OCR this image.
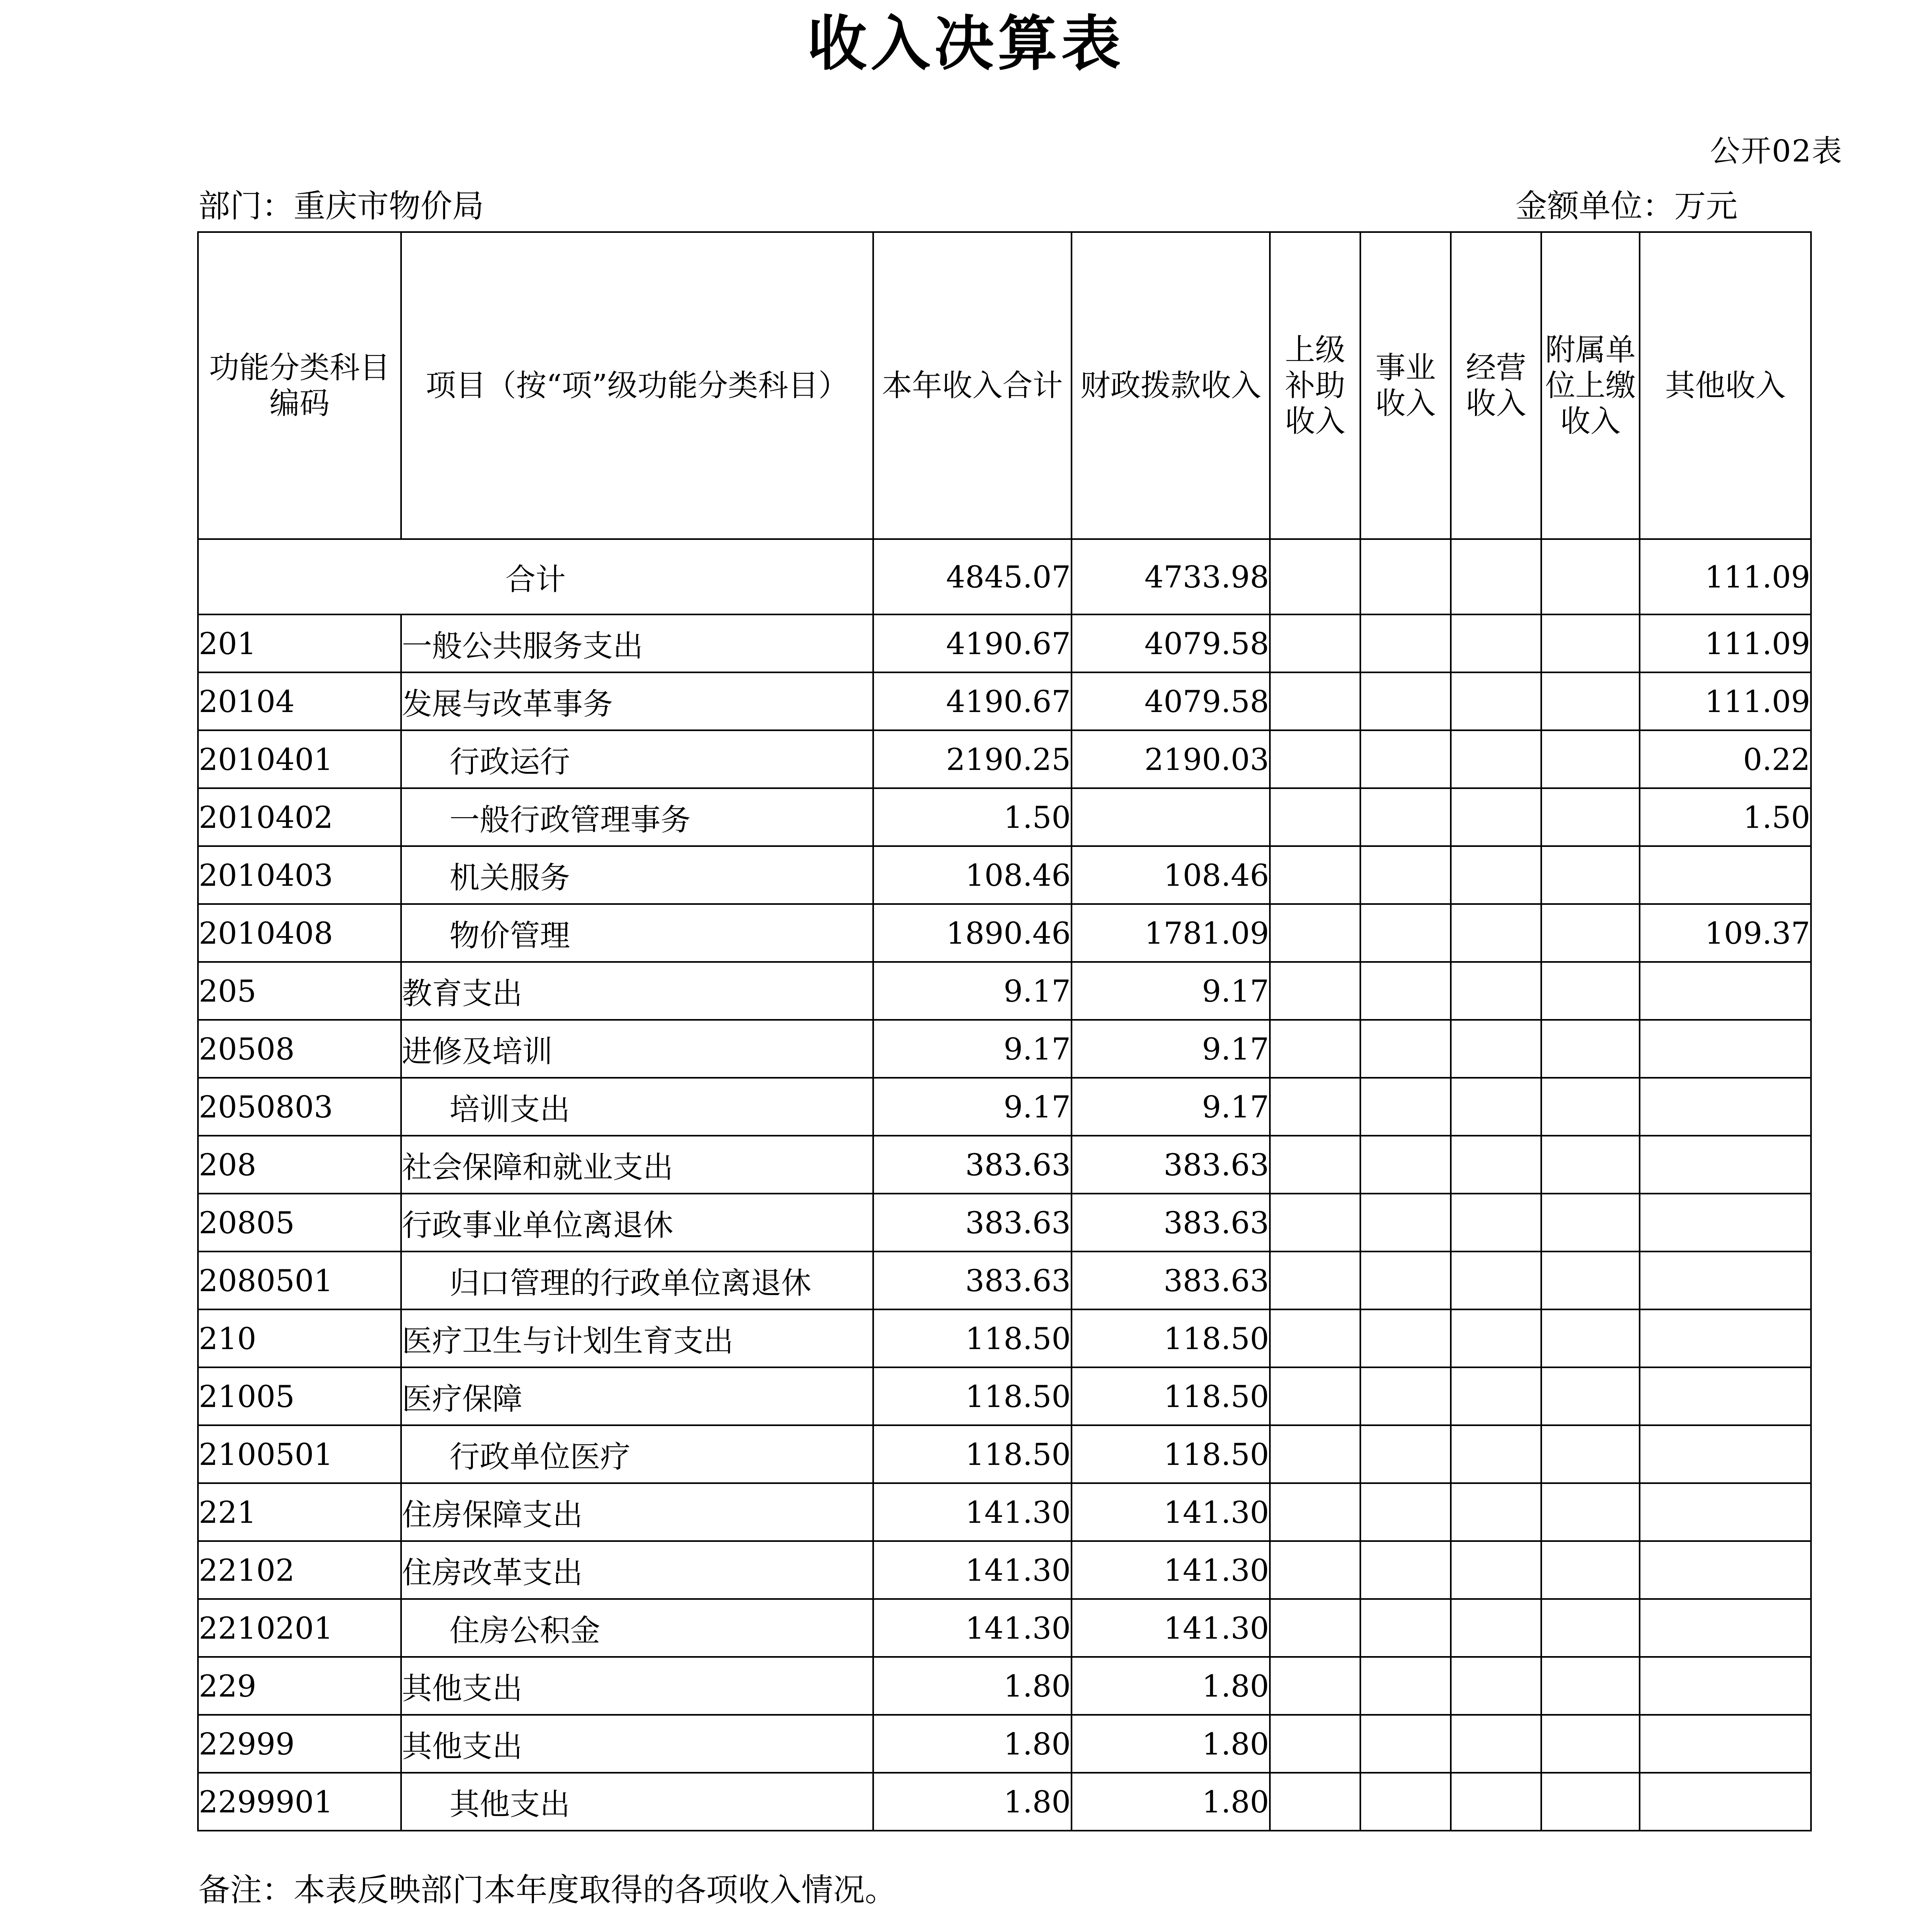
收入决算表
公开02表
部门：重庆市物价局	金额单位：万元
功能分类科目编码	项目（按“项”级功能分类科目）	本年收入合计	财政拨款收入	上级补助收入	事业收入	经营收入	附属单位上缴收入	其他收入
合计		4845.07	4733.98					111.09
201	一般公共服务支出	4190.67	4079.58					111.09
20104	发展与改革事务	4190.67	4079.58					111.09
2010401	行政运行	2190.25	2190.03					0.22
2010402	一般行政管理事务	1.50						1.50
2010403	机关服务	108.46	108.46					
2010408	物价管理	1890.46	1781.09					109.37
205	教育支出	9.17	9.17					
20508	进修及培训	9.17	9.17					
2050803	培训支出	9.17	9.17					
208	社会保障和就业支出	383.63	383.63					
20805	行政事业单位离退休	383.63	383.63					
2080501	归口管理的行政单位离退休	383.63	383.63					
210	医疗卫生与计划生育支出	118.50	118.50					
21005	医疗保障	118.50	118.50					
2100501	行政单位医疗	118.50	118.50					
221	住房保障支出	141.30	141.30					
22102	住房改革支出	141.30	141.30					
2210201	住房公积金	141.30	141.30					
229	其他支出	1.80	1.80					
22999	其他支出	1.80	1.80					
2299901	其他支出	1.80	1.80					
备注：本表反映部门本年度取得的各项收入情况。
